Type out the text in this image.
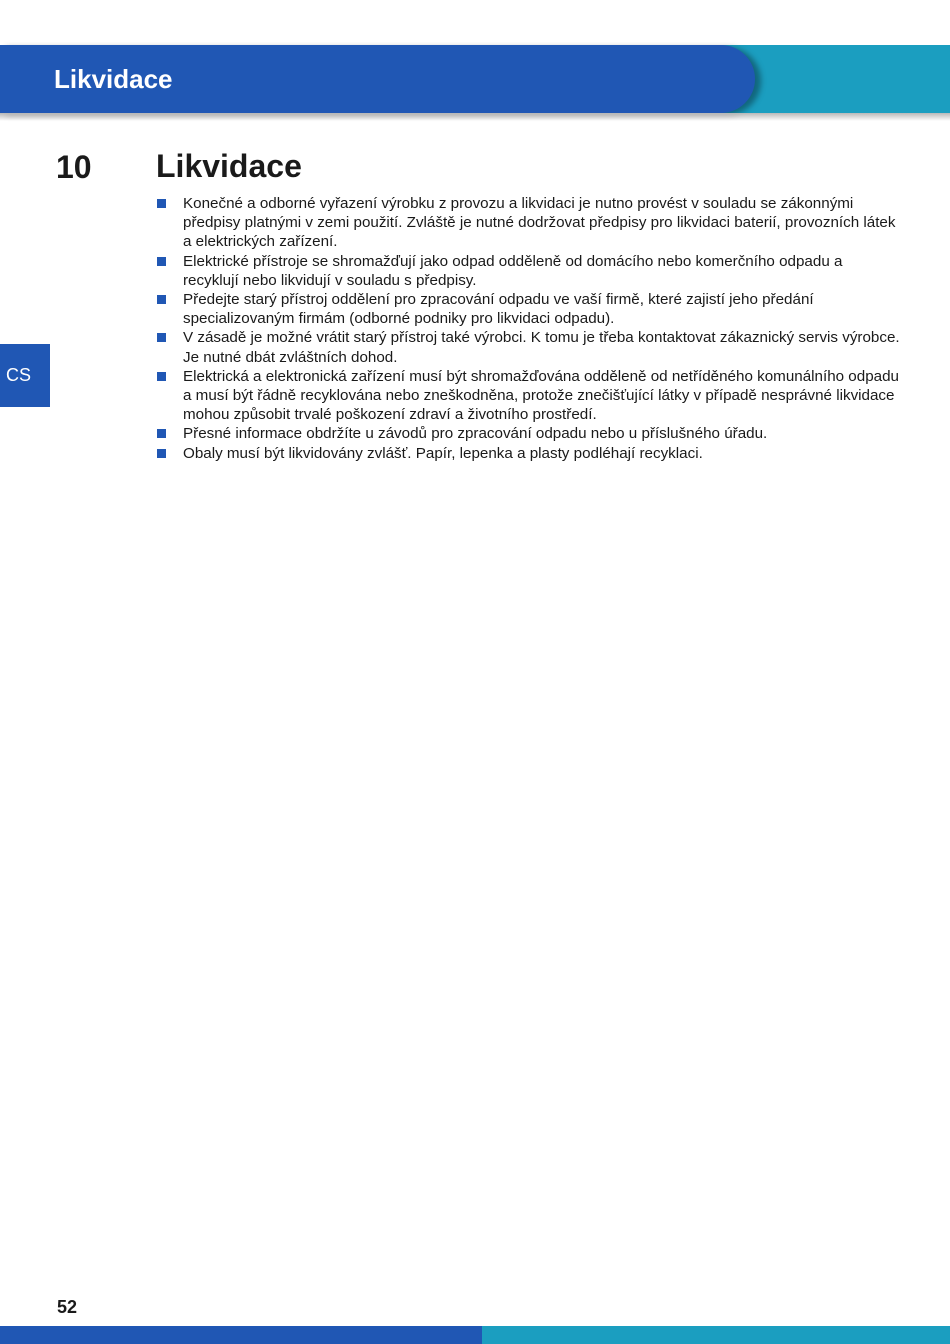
Likvidace
CS
10 Likvidace
Konečné a odborné vyřazení výrobku z provozu a likvidaci je nutno provést v souladu se zákonnými předpisy platnými v zemi použití. Zvláště je nutné dodržovat předpisy pro likvidaci baterií, provozních látek a elektrických zařízení.
Elektrické přístroje se shromažďují jako odpad odděleně od domácího nebo komerčního odpadu a recyklují nebo likvidují v souladu s předpisy.
Předejte starý přístroj oddělení pro zpracování odpadu ve vaší firmě, které zajistí jeho předání specializovaným firmám (odborné podniky pro likvidaci odpadu).
V zásadě je možné vrátit starý přístroj také výrobci. K tomu je třeba kontaktovat zákaznický servis výrobce. Je nutné dbát zvláštních dohod.
Elektrická a elektronická zařízení musí být shromažďována odděleně od netříděného komunálního odpadu a musí být řádně recyklována nebo zneškodněna, protože znečišťující látky v případě nesprávné likvidace mohou způsobit trvalé poškození zdraví a životního prostředí.
Přesné informace obdržíte u závodů pro zpracování odpadu nebo u příslušného úřadu.
Obaly musí být likvidovány zvlášť. Papír, lepenka a plasty podléhají recyklaci.
52
